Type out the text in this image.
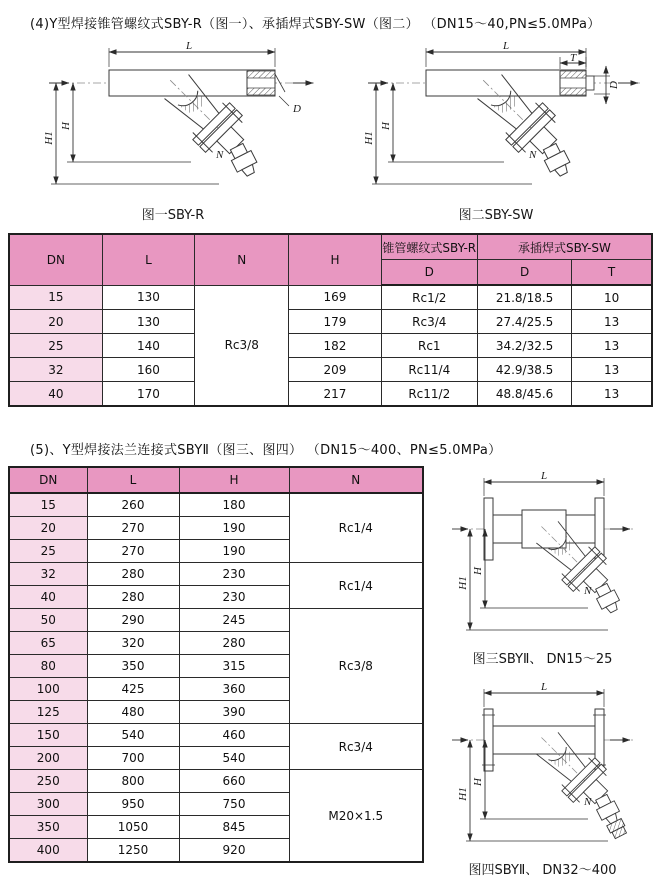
(4)Y型焊接锥管螺纹式SBY-R（图一）、承插焊式SBY-SW（图二） （DN15～40,PN≤5.0MPa）
L
D
N
H1
H
图一SBY-R
L
T
D
N
H1
H
图二SBY-SW
DN	L	N	H	锥管螺纹式SBY-R	承插焊式SBY-SW	
				D	D	T
15	130	Rc3/8	169	Rc1/2	21.8/18.5	10
20	130		179	Rc3/4	27.4/25.5	13
25	140		182	Rc1	34.2/32.5	13
32	160		209	Rc11/4	42.9/38.5	13
40	170		217	Rc11/2	48.8/45.6	13
(5)、Y型焊接法兰连接式SBYⅡ（图三、图四） （DN15～400、PN≤5.0MPa）
DN	L	H	N
15	260	180	Rc1/4
20	270	190	
25	270	190	
32	280	230	Rc1/4
40	280	230	
50	290	245	Rc3/8
65	320	280	
80	350	315	
100	425	360	
125	480	390	
150	540	460	Rc3/4
200	700	540	
250	800	660	M20×1.5
300	950	750	
350	1050	845	
400	1250	920	
L
N
H1
H
图三SBYⅡ、 DN15～25
L
N
H1
H
图四SBYⅡ、 DN32～400
